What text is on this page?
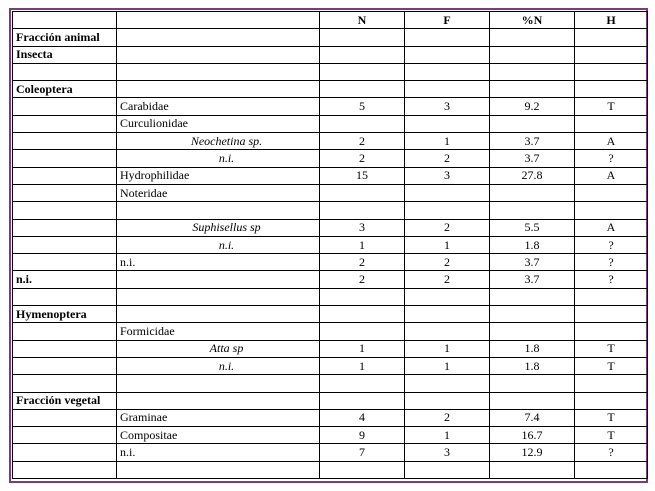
		N	F	%N	H
Fracción animal					
Insecta					

Coleoptera					
	Carabidae	5	3	9.2	T
	Curculionidae				
	Neochetina sp.	2	1	3.7	A
	n.i.	2	2	3.7	?
	Hydrophilidae	15	3	27.8	A
	Noteridae				

	Suphisellus sp	3	2	5.5	A
	n.i.	1	1	1.8	?
	n.i.	2	2	3.7	?
n.i.		2	2	3.7	?

Hymenoptera					
	Formicidae				
	Atta sp	1	1	1.8	T
	n.i.	1	1	1.8	T

Fracción vegetal					
	Graminae	4	2	7.4	T
	Compositae	9	1	16.7	T
	n.i.	7	3	12.9	?
